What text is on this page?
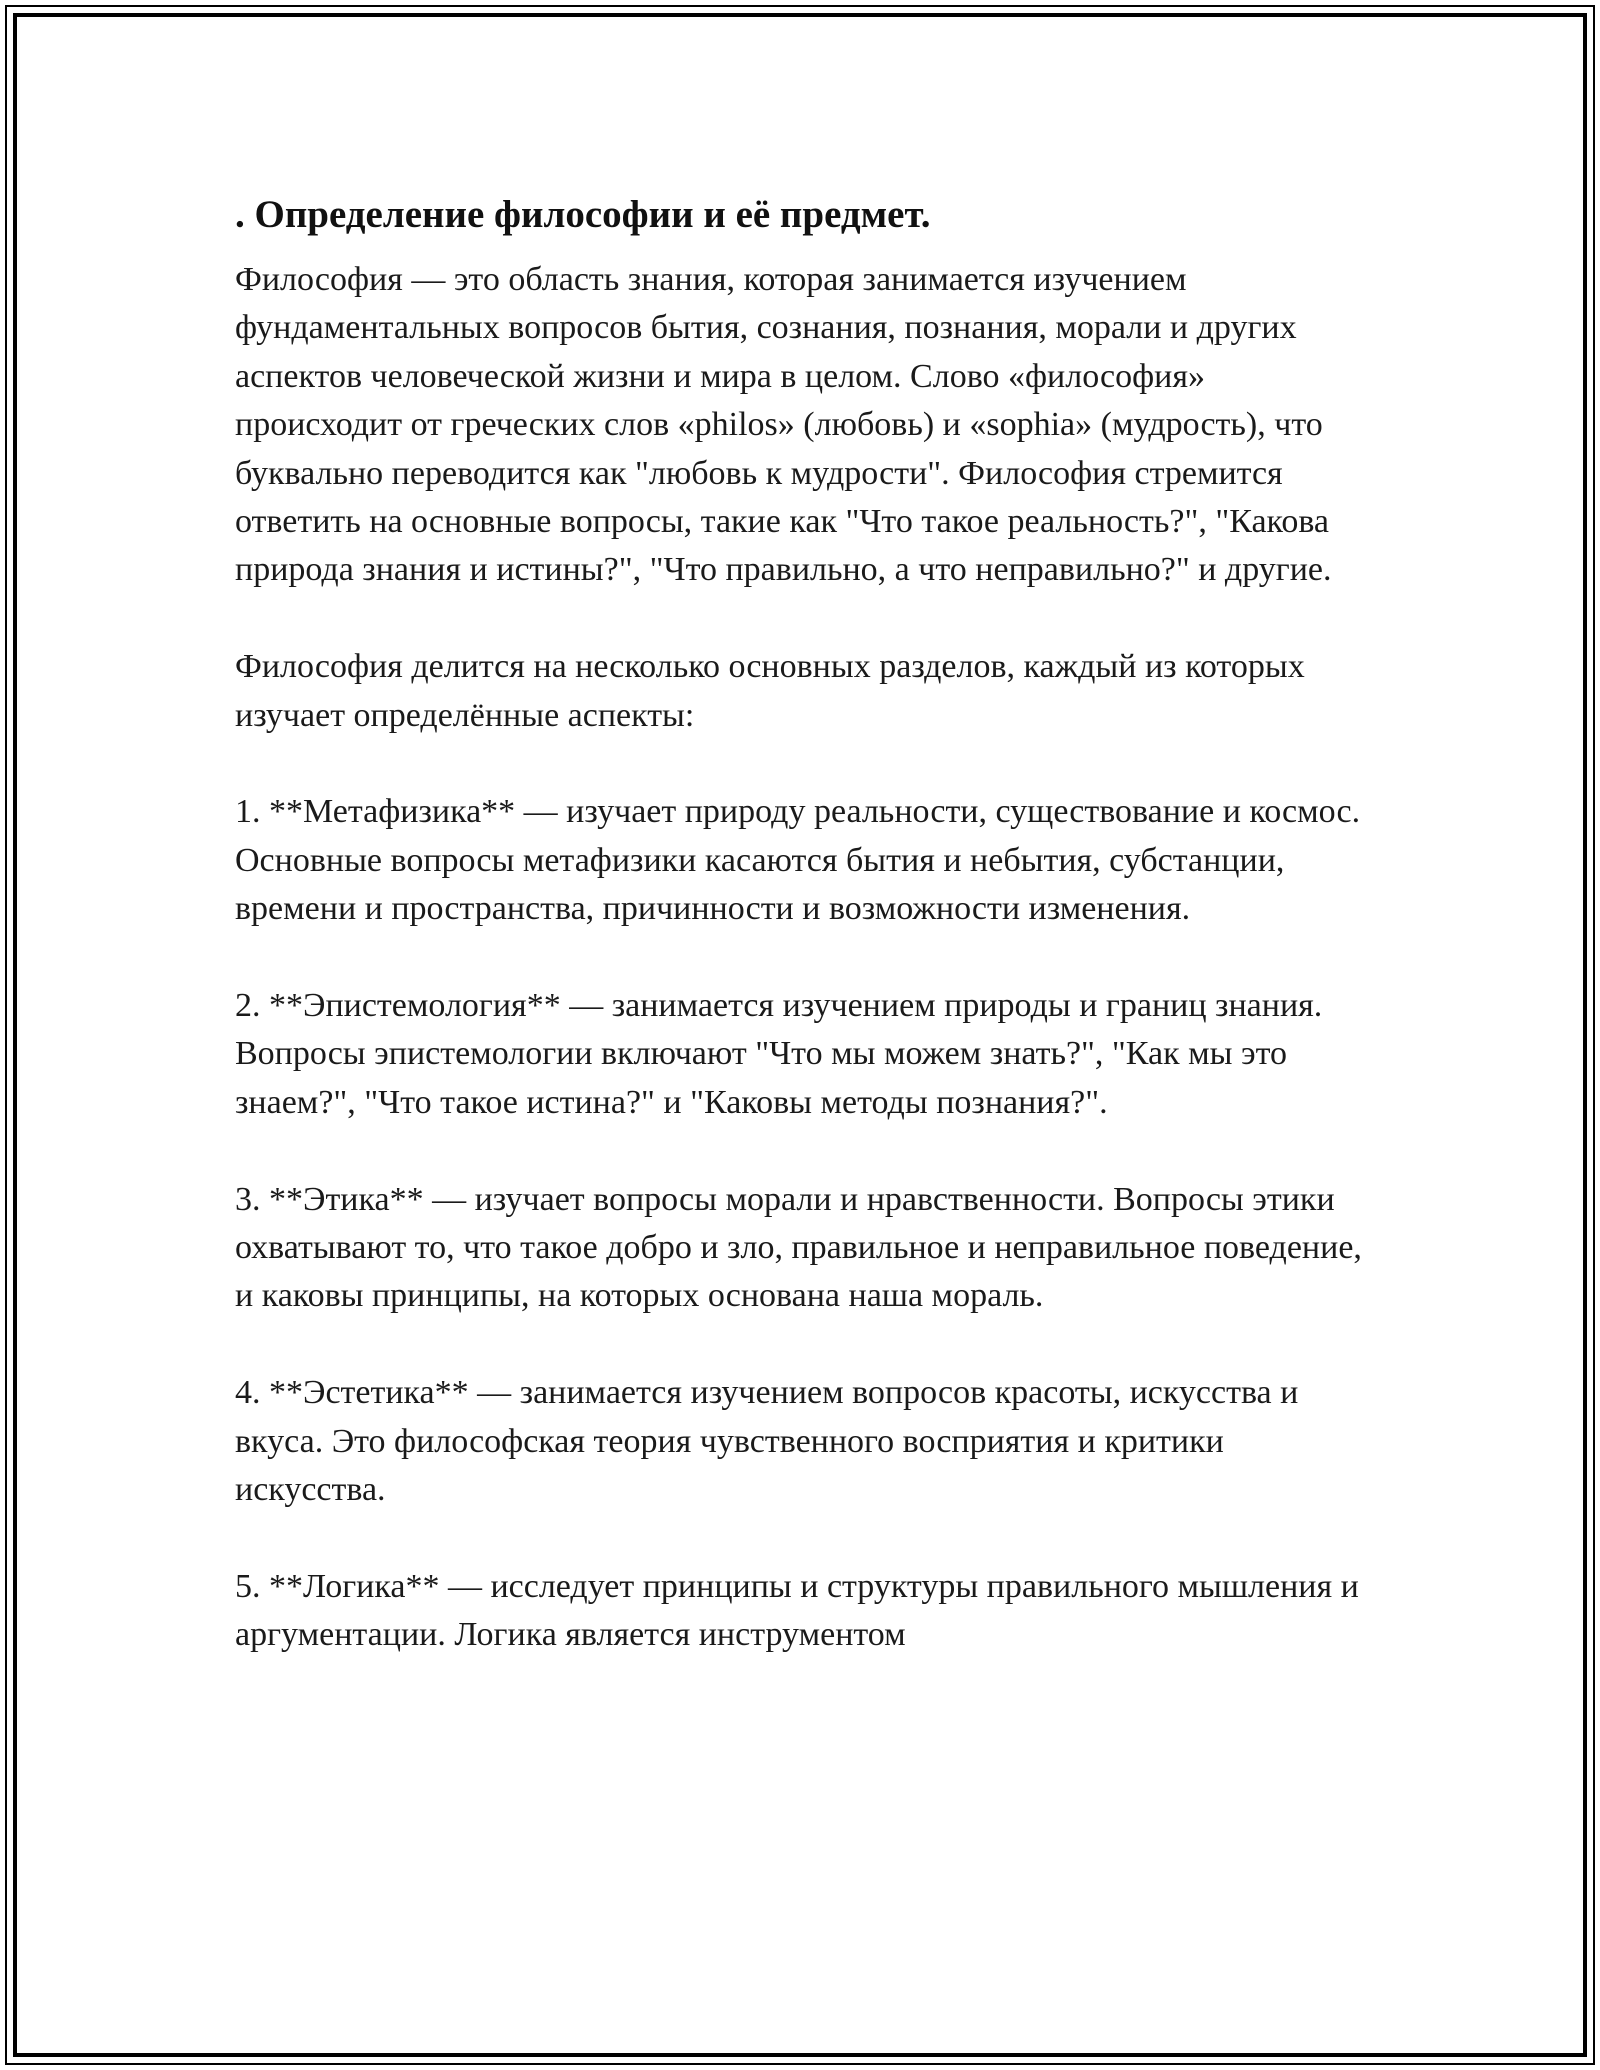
. Определение философии и её предмет.

Философия — это область знания, которая занимается изучением фундаментальных вопросов бытия, сознания, познания, морали и других аспектов человеческой жизни и мира в целом. Слово «философия» происходит от греческих слов «philos» (любовь) и «sophia» (мудрость), что буквально переводится как "любовь к мудрости". Философия стремится ответить на основные вопросы, такие как "Что такое реальность?", "Какова природа знания и истины?", "Что правильно, а что неправильно?" и другие.

Философия делится на несколько основных разделов, каждый из которых изучает определённые аспекты:

1. **Метафизика** — изучает природу реальности, существование и космос. Основные вопросы метафизики касаются бытия и небытия, субстанции, времени и пространства, причинности и возможности изменения.

2. **Эпистемология** — занимается изучением природы и границ знания. Вопросы эпистемологии включают "Что мы можем знать?", "Как мы это знаем?", "Что такое истина?" и "Каковы методы познания?".

3. **Этика** — изучает вопросы морали и нравственности. Вопросы этики охватывают то, что такое добро и зло, правильное и неправильное поведение, и каковы принципы, на которых основана наша мораль.

4. **Эстетика** — занимается изучением вопросов красоты, искусства и вкуса. Это философская теория чувственного восприятия и критики искусства.

5. **Логика** — исследует принципы и структуры правильного мышления и аргументации. Логика является инструментом
